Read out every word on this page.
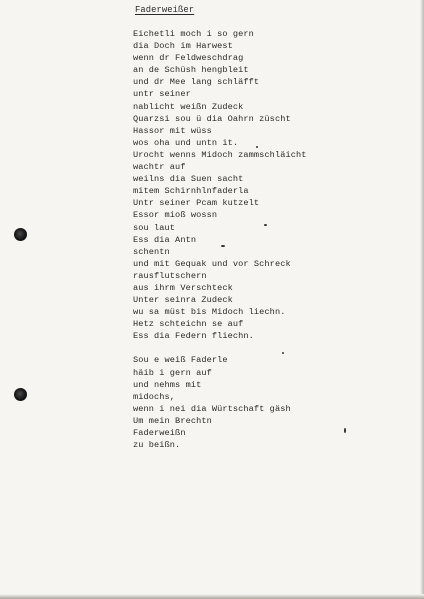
Faderweißer
Eichetli moch i so gern
dia Doch im Harwest
wenn dr Feldweschdrag
an de Schüsh hengbleit
und dr Mee lang schläfft
untr seiner
nablicht weißn Zudeck
Quarzsi sou ü dia Oahrn züscht
Hassor mit wüss
wos oha und untn it.
Urocht wenns Midoch zammschläicht
wachtr auf
weilns dia Suen sacht
mitem Schirnhlnfaderla
Untr seiner Pcam kutzelt
Essor mioß wossn
sou laut
Ess dia Antn
schentn
und mit Gequak und vor Schreck
rausflutschern
aus ihrm Verschteck
Unter seinra Zudeck
wu sa müst bis Midoch liechn.
Hetz schteichn se auf
Ess dia Federn fliechn.
Sou e weiß Faderle
häib i gern auf
und nehms mit
midochs,
wenn i nei dia Würtschaft gäsh
Um mein Brechtn
Faderweißn
zu beißn.
